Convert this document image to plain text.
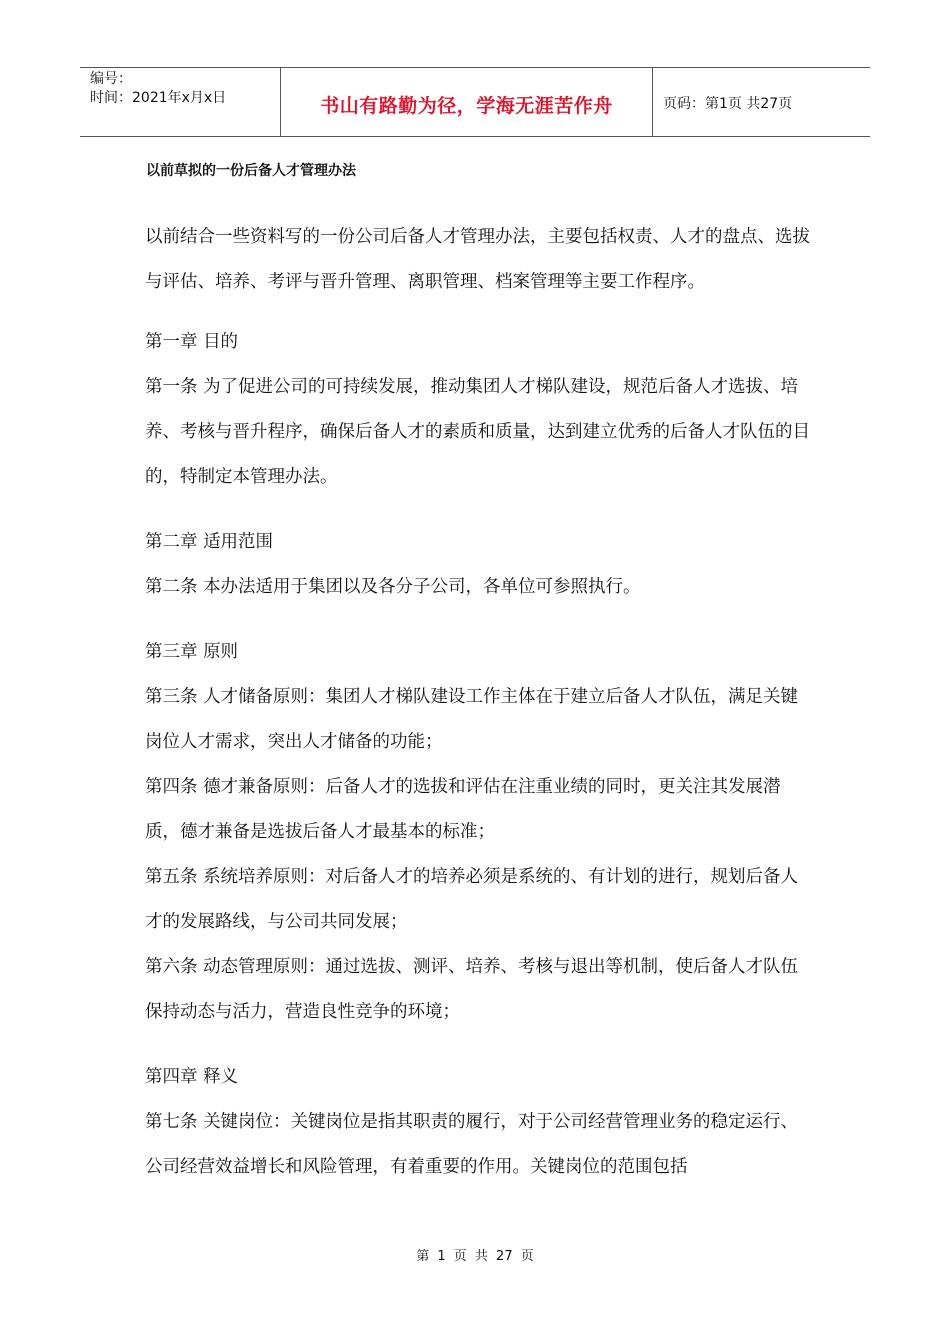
编号：
时间：2021年x月x日	书山有路勤为径，学海无涯苦作舟	页码：第1页 共27页
以前草拟的一份后备人才管理办法

以前结合一些资料写的一份公司后备人才管理办法，主要包括权责、人才的盘点、选拔与评估、培养、考评与晋升管理、离职管理、档案管理等主要工作程序。

第一章 目的

第一条 为了促进公司的可持续发展，推动集团人才梯队建设，规范后备人才选拔、培养、考核与晋升程序，确保后备人才的素质和质量，达到建立优秀的后备人才队伍的目的，特制定本管理办法。

第二章 适用范围

第二条 本办法适用于集团以及各分子公司，各单位可参照执行。

第三章 原则

第三条 人才储备原则：集团人才梯队建设工作主体在于建立后备人才队伍，满足关键岗位人才需求，突出人才储备的功能；

第四条 德才兼备原则：后备人才的选拔和评估在注重业绩的同时，更关注其发展潜质，德才兼备是选拔后备人才最基本的标准；

第五条 系统培养原则：对后备人才的培养必须是系统的、有计划的进行，规划后备人才的发展路线，与公司共同发展；

第六条 动态管理原则：通过选拔、测评、培养、考核与退出等机制，使后备人才队伍保持动态与活力，营造良性竞争的环境；

第四章 释义

第七条 关键岗位：关键岗位是指其职责的履行，对于公司经营管理业务的稳定运行、公司经营效益增长和风险管理，有着重要的作用。关键岗位的范围包括

第 1 页 共 27 页
